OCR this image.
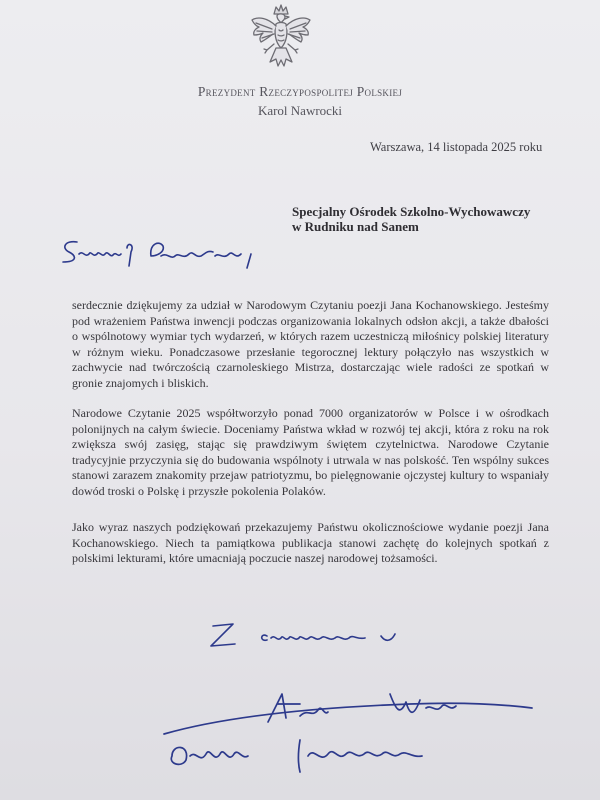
Prezydent Rzeczypospolitej Polskiej
Karol Nawrocki
Warszawa, 14 listopada 2025 roku
Specjalny Ośrodek Szkolno-Wychowawczy
w Rudniku nad Sanem

serdecznie dziękujemy za udział w Narodowym Czytaniu poezji Jana Kochanowskiego. Jesteśmy pod wrażeniem Państwa inwencji podczas organizowania lokalnych odsłon akcji, a także dbałości o wspólnotowy wymiar tych wydarzeń, w których razem uczestniczą miłośnicy polskiej literatury w różnym wieku. Ponadczasowe przesłanie tegorocznej lektury połączyło nas wszystkich w zachwycie nad twórczością czarnoleskiego Mistrza, dostarczając wiele radości ze spotkań w gronie znajomych i bliskich.

Narodowe Czytanie 2025 współtworzyło ponad 7000 organizatorów w Polsce i w ośrodkach polonijnych na całym świecie. Doceniamy Państwa wkład w rozwój tej akcji, która z roku na rok zwiększa swój zasięg, stając się prawdziwym świętem czytelnictwa. Narodowe Czytanie tradycyjnie przyczynia się do budowania wspólnoty i utrwala w nas polskość. Ten wspólny sukces stanowi zarazem znakomity przejaw patriotyzmu, bo pielęgnowanie ojczystej kultury to wspaniały dowód troski o Polskę i przyszłe pokolenia Polaków.

Jako wyraz naszych podziękowań przekazujemy Państwu okolicznościowe wydanie poezji Jana Kochanowskiego. Niech ta pamiątkowa publikacja stanowi zachętę do kolejnych spotkań z polskimi lekturami, które umacniają poczucie naszej narodowej tożsamości.
